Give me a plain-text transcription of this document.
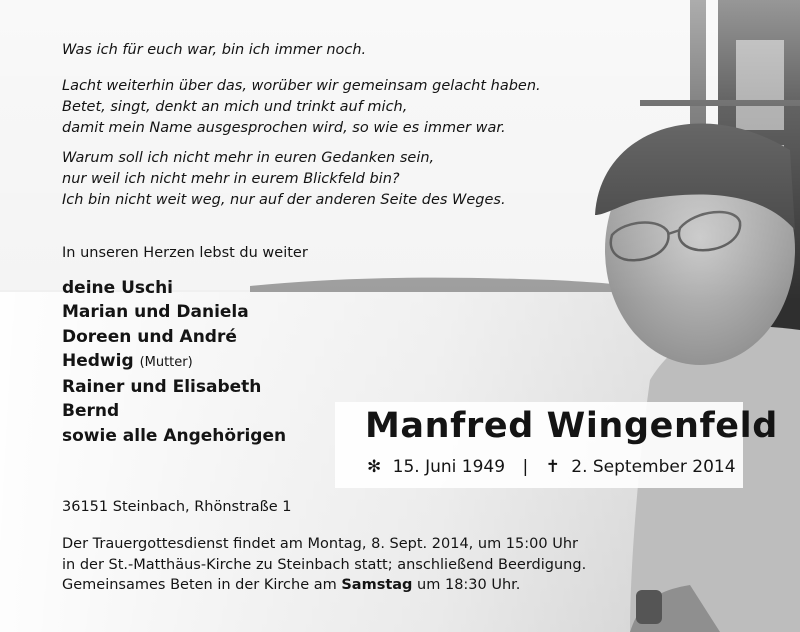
Was ich für euch war, bin ich immer noch.
Lacht weiterhin über das, worüber wir gemeinsam gelacht haben.
Betet, singt, denkt an mich und trinkt auf mich,
damit mein Name ausgesprochen wird, so wie es immer war.
Warum soll ich nicht mehr in euren Gedanken sein,
nur weil ich nicht mehr in eurem Blickfeld bin?
Ich bin nicht weit weg, nur auf der anderen Seite des Weges.
In unseren Herzen lebst du weiter
deine Uschi
Marian und Daniela
Doreen und André
Hedwig (Mutter)
Rainer und Elisabeth
Bernd
sowie alle Angehörigen Manfred Wingenfeld
✻ 15. Juni 1949 | ✝ 2. September 2014
36151 Steinbach, Rhönstraße 1
Der Trauergottesdienst findet am Montag, 8. Sept. 2014, um 15:00 Uhr
in der St.-Matthäus-Kirche zu Steinbach statt; anschließend Beerdigung.
Gemeinsames Beten in der Kirche am Samstag um 18:30 Uhr.
